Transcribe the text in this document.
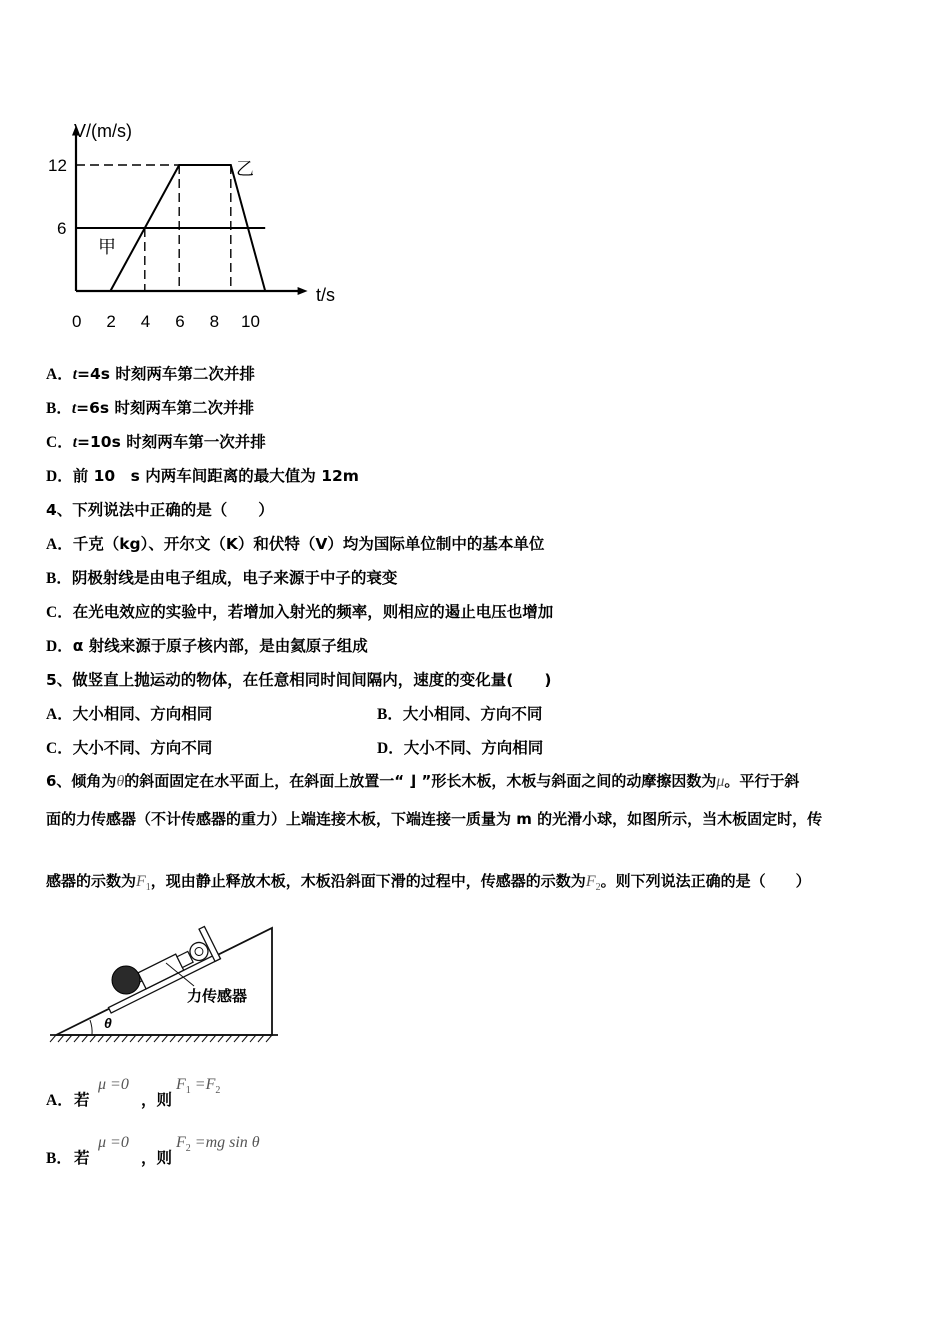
0 2 4 6 8 10
12
6
V/(m/s)
t/s
甲
乙
A．t=4s 时刻两车第二次并排
B．t=6s 时刻两车第二次并排
C．t=10s 时刻两车第一次并排
D．前 10　s 内两车间距离的最大值为 12m
4、下列说法中正确的是（　　）
A．千克（kg）、开尔文（K）和伏特（V）均为国际单位制中的基本单位
B．阴极射线是由电子组成，电子来源于中子的衰变
C．在光电效应的实验中，若增加入射光的频率，则相应的遏止电压也增加
D．α 射线来源于原子核内部，是由氦原子组成
5、做竖直上抛运动的物体，在任意相同时间间隔内，速度的变化量(　　)
A．大小相同、方向相同	B．大小相同、方向不同
C．大小不同、方向不同	D．大小不同、方向相同
6、倾角为θ的斜面固定在水平面上，在斜面上放置一“ ⌋ ”形长木板，木板与斜面之间的动摩擦因数为μ。平行于斜
面的力传感器（不计传感器的重力）上端连接木板，下端连接一质量为 m 的光滑小球，如图所示，当木板固定时，传
感器的示数为$F_1$，现由静止释放木板，木板沿斜面下滑的过程中，传感器的示数为$F_2$。则下列说法正确的是（　　）
θ
力传感器
A． 若
μ =0
，则
$F_1 =F_2$
B． 若
μ =0
，则
$F_2 =mg$ sin θ
